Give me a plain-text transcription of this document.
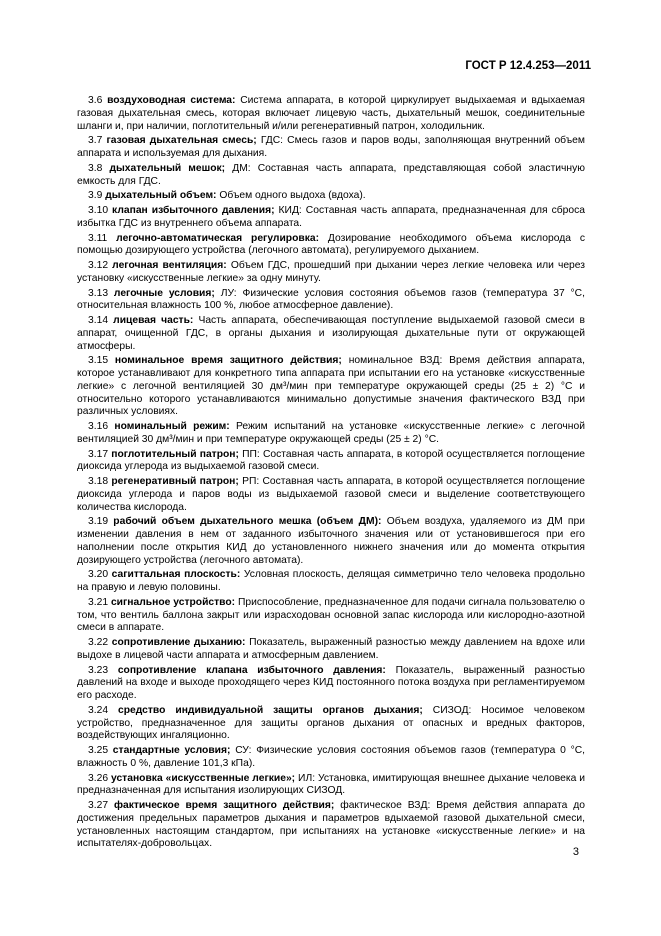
ГОСТ Р 12.4.253—2011

3.6 воздуховодная система: Система аппарата, в которой циркулирует выдыхаемая и вдыхаемая газовая дыхательная смесь, которая включает лицевую часть, дыхательный мешок, соединительные шланги и, при наличии, поглотительный и/или регенеративный патрон, холодильник.

3.7 газовая дыхательная смесь; ГДС: Смесь газов и паров воды, заполняющая внутренний объем аппарата и используемая для дыхания.

3.8 дыхательный мешок; ДМ: Составная часть аппарата, представляющая собой эластичную емкость для ГДС.

3.9 дыхательный объем: Объем одного выдоха (вдоха).

3.10 клапан избыточного давления; КИД: Составная часть аппарата, предназначенная для сброса избытка ГДС из внутреннего объема аппарата.

3.11 легочно-автоматическая регулировка: Дозирование необходимого объема кислорода с помощью дозирующего устройства (легочного автомата), регулируемого дыханием.

3.12 легочная вентиляция: Объем ГДС, прошедший при дыхании через легкие человека или через установку «искусственные легкие» за одну минуту.

3.13 легочные условия; ЛУ: Физические условия состояния объемов газов (температура 37 °С, относительная влажность 100 %, любое атмосферное давление).

3.14 лицевая часть: Часть аппарата, обеспечивающая поступление выдыхаемой газовой смеси в аппарат, очищенной ГДС, в органы дыхания и изолирующая дыхательные пути от окружающей атмосферы.

3.15 номинальное время защитного действия; номинальное ВЗД: Время действия аппарата, которое устанавливают для конкретного типа аппарата при испытании его на установке «искусственные легкие» с легочной вентиляцией 30 дм³/мин при температуре окружающей среды (25 ± 2) °С и относительно которого устанавливаются минимально допустимые значения фактического ВЗД при различных условиях.

3.16 номинальный режим: Режим испытаний на установке «искусственные легкие» с легочной вентиляцией 30 дм³/мин и при температуре окружающей среды (25 ± 2) °С.

3.17 поглотительный патрон; ПП: Составная часть аппарата, в которой осуществляется поглощение диоксида углерода из выдыхаемой газовой смеси.

3.18 регенеративный патрон; РП: Составная часть аппарата, в которой осуществляется поглощение диоксида углерода и паров воды из выдыхаемой газовой смеси и выделение соответствующего количества кислорода.

3.19 рабочий объем дыхательного мешка (объем ДМ): Объем воздуха, удаляемого из ДМ при изменении давления в нем от заданного избыточного значения или от установившегося при его наполнении после открытия КИД до установленного нижнего значения или до момента открытия дозирующего устройства (легочного автомата).

3.20 сагиттальная плоскость: Условная плоскость, делящая симметрично тело человека продольно на правую и левую половины.

3.21 сигнальное устройство: Приспособление, предназначенное для подачи сигнала пользователю о том, что вентиль баллона закрыт или израсходован основной запас кислорода или кислородно-азотной смеси в аппарате.

3.22 сопротивление дыханию: Показатель, выраженный разностью между давлением на вдохе или выдохе в лицевой части аппарата и атмосферным давлением.

3.23 сопротивление клапана избыточного давления: Показатель, выраженный разностью давлений на входе и выходе проходящего через КИД постоянного потока воздуха при регламентируемом его расходе.

3.24 средство индивидуальной защиты органов дыхания; СИЗОД: Носимое человеком устройство, предназначенное для защиты органов дыхания от опасных и вредных факторов, воздействующих ингаляционно.

3.25 стандартные условия; СУ: Физические условия состояния объемов газов (температура 0 °С, влажность 0 %, давление 101,3 кПа).

3.26 установка «искусственные легкие»; ИЛ: Установка, имитирующая внешнее дыхание человека и предназначенная для испытания изолирующих СИЗОД.

3.27 фактическое время защитного действия; фактическое ВЗД: Время действия аппарата до достижения предельных параметров дыхания и параметров вдыхаемой газовой дыхательной смеси, установленных настоящим стандартом, при испытаниях на установке «искусственные легкие» и на испытателях-добровольцах.

3
